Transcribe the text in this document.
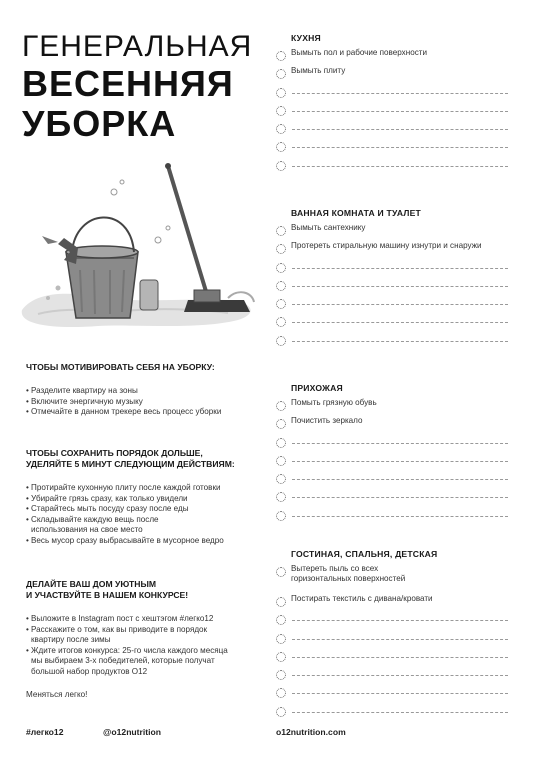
ГЕНЕРАЛЬНАЯ
ВЕСЕННЯЯ
УБОРКА
ЧТОБЫ МОТИВИРОВАТЬ СЕБЯ НА УБОРКУ:
• Разделите квартиру на зоны
• Включите энергичную музыку
• Отмечайте в данном трекере весь процесс уборки
ЧТОБЫ СОХРАНИТЬ ПОРЯДОК ДОЛЬШЕ,
УДЕЛЯЙТЕ 5 МИНУТ СЛЕДУЮЩИМ ДЕЙСТВИЯМ:
• Протирайте кухонную плиту после каждой готовки
• Убирайте грязь сразу, как только увидели
• Старайтесь мыть посуду сразу после еды
• Складывайте каждую вещь после использования на свое место
• Весь мусор сразу выбрасывайте в мусорное ведро
ДЕЛАЙТЕ ВАШ ДОМ УЮТНЫМ
И УЧАСТВУЙТЕ В НАШЕМ КОНКУРСЕ!
• Выложите в Instagram пост с хештэгом #легко12
• Расскажите о том, как вы приводите в порядок квартиру после зимы
• Ждите итогов конкурса: 25-го числа каждого месяца мы выбираем 3-х победителей, которые получат большой набор продуктов О12
Меняться легко!
КУХНЯ
Вымыть пол и рабочие поверхности
Вымыть плиту
ВАННАЯ КОМНАТА И ТУАЛЕТ
Вымыть сантехнику
Протереть стиральную машину изнутри и снаружи
ПРИХОЖАЯ
Помыть грязную обувь
Почистить зеркало
ГОСТИНАЯ, СПАЛЬНЯ, ДЕТСКАЯ
Вытереть пыль со всех горизонтальных поверхностей
Постирать текстиль с дивана/кровати
#легко12	@o12nutrition	o12nutrition.com
